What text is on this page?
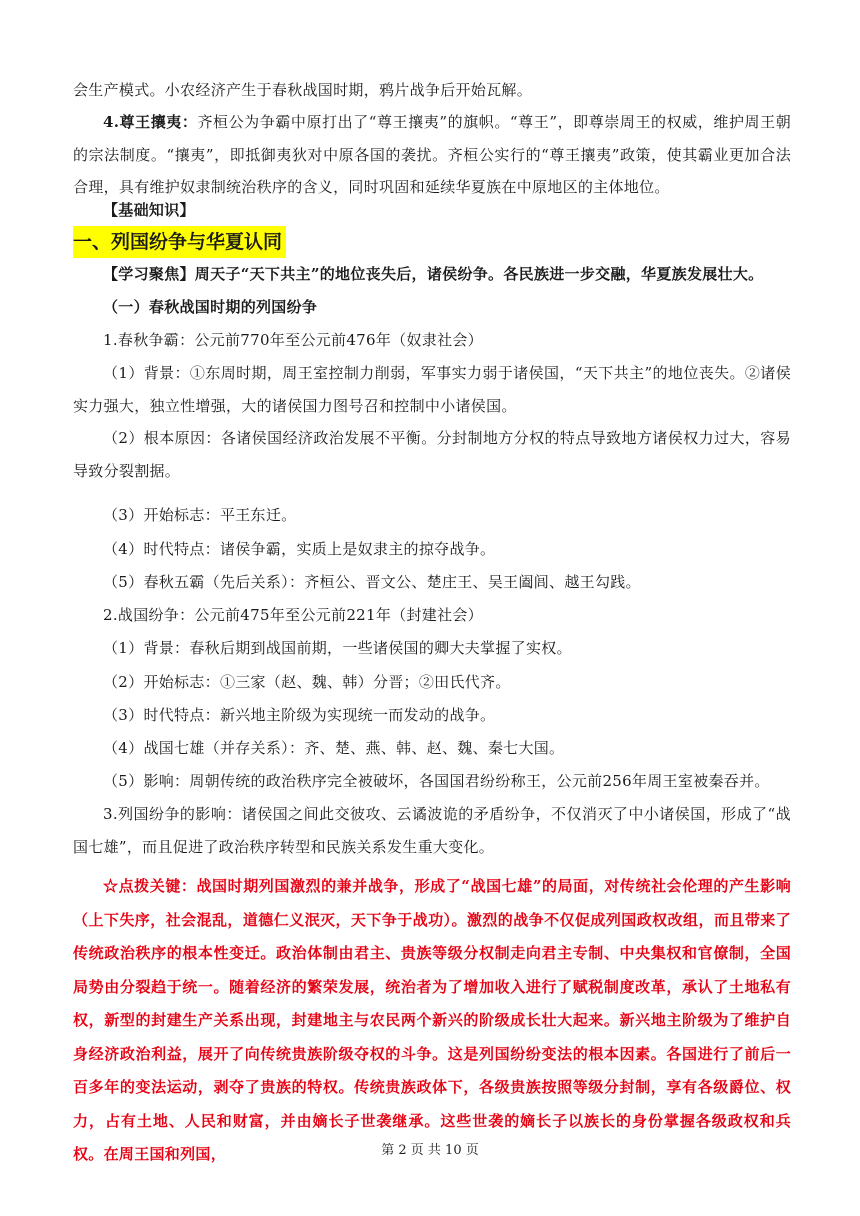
会生产模式。小农经济产生于春秋战国时期，鸦片战争后开始瓦解。
4.尊王攘夷：齐桓公为争霸中原打出了“尊王攘夷”的旗帜。“尊王”，即尊崇周王的权威，维护周王朝的宗法制度。“攘夷”，即抵御夷狄对中原各国的袭扰。齐桓公实行的“尊王攘夷”政策，使其霸业更加合法合理，具有维护奴隶制统治秩序的含义，同时巩固和延续华夏族在中原地区的主体地位。
【基础知识】
一、列国纷争与华夏认同
【学习聚焦】周天子“天下共主”的地位丧失后，诸侯纷争。各民族进一步交融，华夏族发展壮大。
（一）春秋战国时期的列国纷争
1.春秋争霸：公元前770年至公元前476年（奴隶社会）
（1）背景：①东周时期，周王室控制力削弱，军事实力弱于诸侯国，“天下共主”的地位丧失。②诸侯实力强大，独立性增强，大的诸侯国力图号召和控制中小诸侯国。
（2）根本原因：各诸侯国经济政治发展不平衡。分封制地方分权的特点导致地方诸侯权力过大，容易导致分裂割据。
（3）开始标志：平王东迁。
（4）时代特点：诸侯争霸，实质上是奴隶主的掠夺战争。
（5）春秋五霸（先后关系）：齐桓公、晋文公、楚庄王、吴王阖闾、越王勾践。
2.战国纷争：公元前475年至公元前221年（封建社会）
（1）背景：春秋后期到战国前期，一些诸侯国的卿大夫掌握了实权。
（2）开始标志：①三家（赵、魏、韩）分晋；②田氏代齐。
（3）时代特点：新兴地主阶级为实现统一而发动的战争。
（4）战国七雄（并存关系）：齐、楚、燕、韩、赵、魏、秦七大国。
（5）影响：周朝传统的政治秩序完全被破坏，各国国君纷纷称王，公元前256年周王室被秦吞并。
3.列国纷争的影响：诸侯国之间此交彼攻、云谲波诡的矛盾纷争，不仅消灭了中小诸侯国，形成了“战国七雄”，而且促进了政治秩序转型和民族关系发生重大变化。
☆点拨关键：战国时期列国激烈的兼并战争，形成了“战国七雄”的局面，对传统社会伦理的产生影响（上下失序，社会混乱，道德仁义泯灭，天下争于战功）。激烈的战争不仅促成列国政权改组，而且带来了传统政治秩序的根本性变迁。政治体制由君主、贵族等级分权制走向君主专制、中央集权和官僚制，全国局势由分裂趋于统一。随着经济的繁荣发展，统治者为了增加收入进行了赋税制度改革，承认了土地私有权，新型的封建生产关系出现，封建地主与农民两个新兴的阶级成长壮大起来。新兴地主阶级为了维护自身经济政治利益，展开了向传统贵族阶级夺权的斗争。这是列国纷纷变法的根本因素。各国进行了前后一百多年的变法运动，剥夺了贵族的特权。传统贵族政体下，各级贵族按照等级分封制，享有各级爵位、权力，占有土地、人民和财富，并由嫡长子世袭继承。这些世袭的嫡长子以族长的身份掌握各级政权和兵权。在周王国和列国，	第 2 页 共 10 页
